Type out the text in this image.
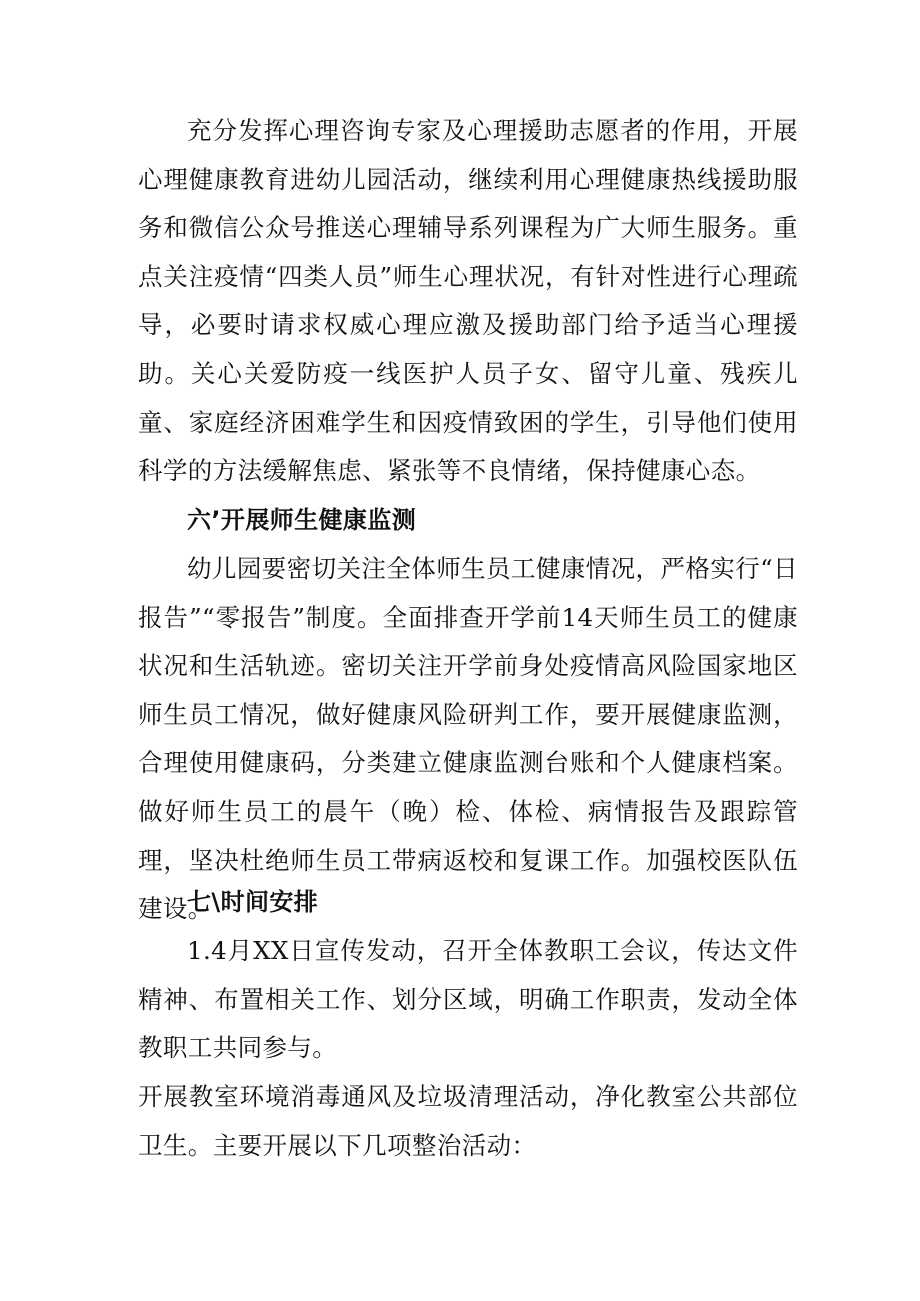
充分发挥心理咨询专家及心理援助志愿者的作用，开展心理健康教育进幼儿园活动，继续利用心理健康热线援助服务和微信公众号推送心理辅导系列课程为广大师生服务。重点关注疫情“四类人员”师生心理状况，有针对性进行心理疏导，必要时请求权威心理应激及援助部门给予适当心理援助。关心关爱防疫一线医护人员子女、留守儿童、残疾儿童、家庭经济困难学生和因疫情致困的学生，引导他们使用科学的方法缓解焦虑、紧张等不良情绪，保持健康心态。

六’开展师生健康监测

幼儿园要密切关注全体师生员工健康情况，严格实行“日报告”“零报告”制度。全面排查开学前14天师生员工的健康状况和生活轨迹。密切关注开学前身处疫情高风险国家地区师生员工情况，做好健康风险研判工作，要开展健康监测，合理使用健康码，分类建立健康监测台账和个人健康档案。做好师生员工的晨午（晚）检、体检、病情报告及跟踪管理，坚决杜绝师生员工带病返校和复课工作。加强校医队伍建设。

七\时间安排

1.4月XX日宣传发动，召开全体教职工会议，传达文件精神、布置相关工作、划分区域，明确工作职责，发动全体教职工共同参与。

开展教室环境消毒通风及垃圾清理活动，净化教室公共部位卫生。主要开展以下几项整治活动：
